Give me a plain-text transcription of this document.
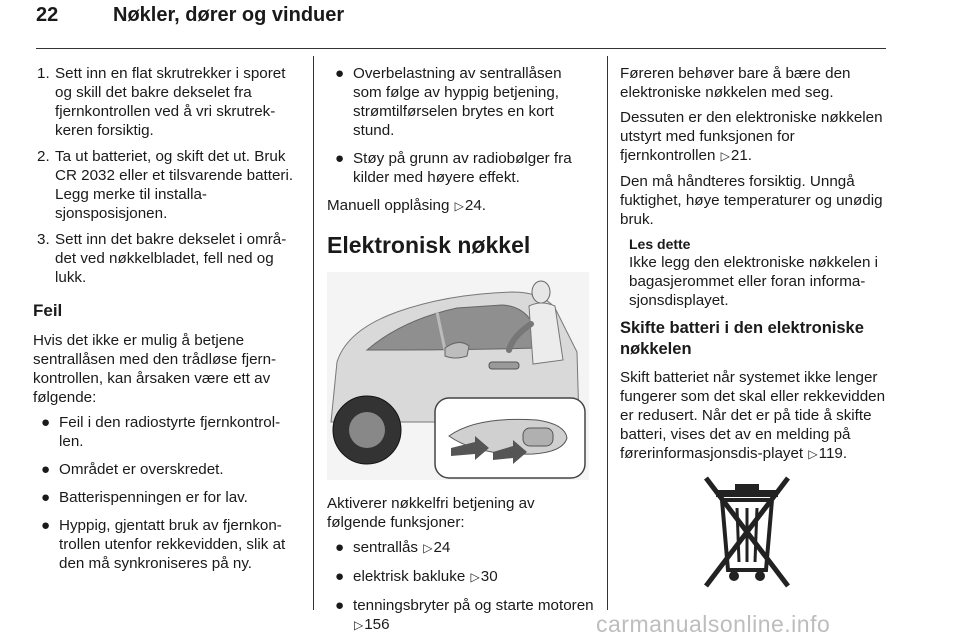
22	Nøkler, dører og vinduer
1. Sett inn en flat skrutrekker i sporet og skill det bakre dekselet fra fjernkontrollen ved å vri skrutrek-keren forsiktig.
2. Ta ut batteriet, og skift det ut. Bruk CR 2032 eller et tilsvarende batteri. Legg merke til installa-sjonsposisjonen.
3. Sett inn det bakre dekselet i områ-det ved nøkkelbladet, fell ned og lukk.
Feil

Hvis det ikke er mulig å betjene sentrallåsen med den trådløse fjern-kontrollen, kan årsaken være ett av følgende:

● Feil i den radiostyrte fjernkontrol-len.
● Området er overskredet.
● Batterispenningen er for lav.
● Hyppig, gjentatt bruk av fjernkon-trollen utenfor rekkevidden, slik at den må synkroniseres på ny.
● Overbelastning av sentrallåsen som følge av hyppig betjening, strømtilførselen brytes en kort stund.
● Støy på grunn av radiobølger fra kilder med høyere effekt.

Manuell opplåsing ▷24.

Elektronisk nøkkel

Aktiverer nøkkelfri betjening av følgende funksjoner:

● sentrallås ▷24
● elektrisk bakluke ▷30
● tenningsbryter på og starte motoren ▷156

Føreren behøver bare å bære den elektroniske nøkkelen med seg.

Dessuten er den elektroniske nøkkelen utstyrt med funksjonen for fjernkontrollen ▷21.

Den må håndteres forsiktig. Unngå fuktighet, høye temperaturer og unødig bruk.

Les dette
Ikke legg den elektroniske nøkkelen i bagasjerommet eller foran informa-sjonsdisplayet.
Skifte batteri i den elektroniske nøkkelen

Skift batteriet når systemet ikke lenger fungerer som det skal eller rekkevidden er redusert. Når det er på tide å skifte batteri, vises det av en melding på førerinformasjonsdis-playet ▷119.

carmanualsonline.info
